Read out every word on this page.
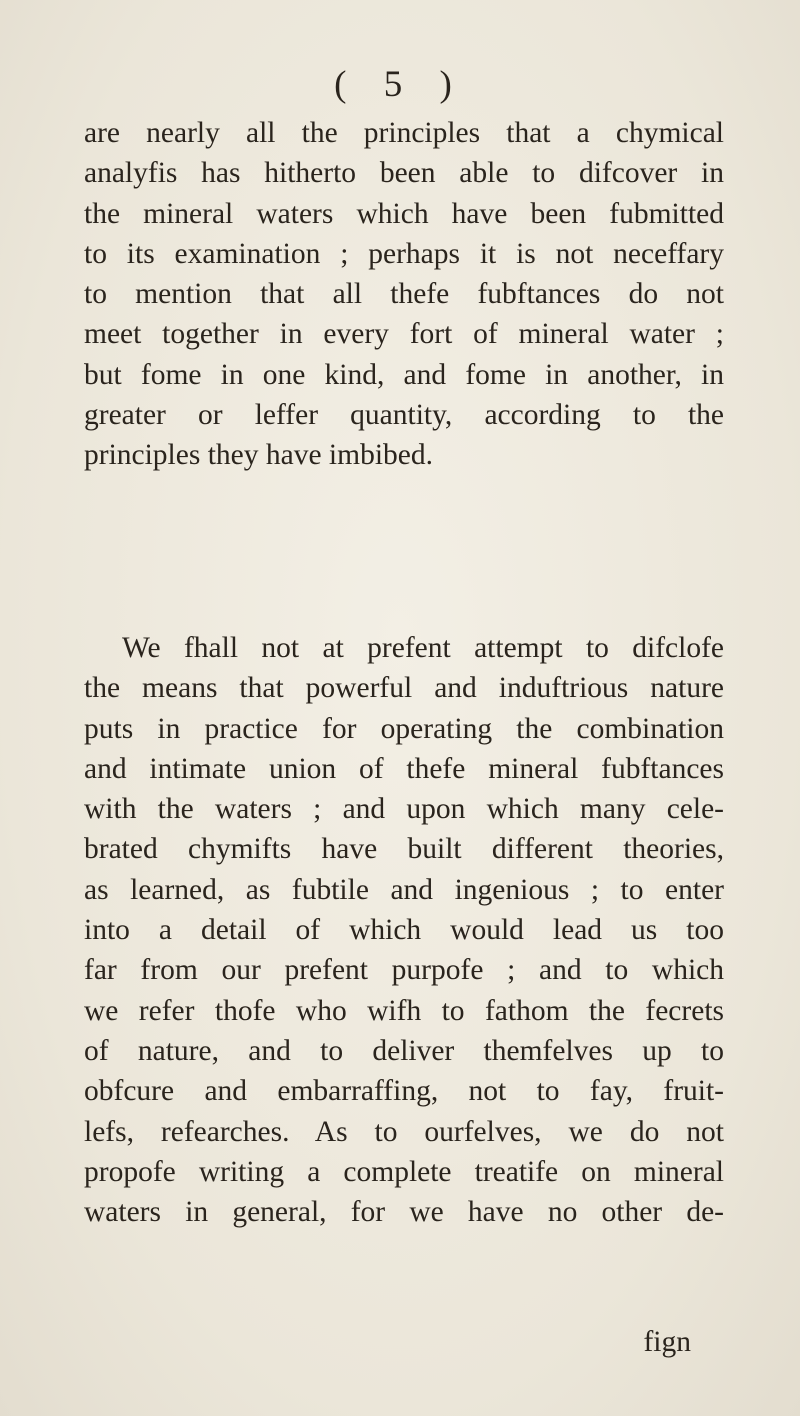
( 5 )
are nearly all the principles that a chymical
analyfis has hitherto been able to difcover in
the mineral waters which have been fubmitted
to its examination ; perhaps it is not neceffary
to mention that all thefe fubftances do not
meet together in every fort of mineral water ;
but fome in one kind, and fome in another, in
greater or leffer quantity, according to the
principles they have imbibed.
We fhall not at prefent attempt to difclofe
the means that powerful and induftrious nature
puts in practice for operating the combination
and intimate union of thefe mineral fubftances
with the waters ; and upon which many cele-
brated chymifts have built different theories,
as learned, as fubtile and ingenious ; to enter
into a detail of which would lead us too
far from our prefent purpofe ; and to which
we refer thofe who wifh to fathom the fecrets
of nature, and to deliver themfelves up to
obfcure and embarraffing, not to fay, fruit-
lefs, refearches. As to ourfelves, we do not
propofe writing a complete treatife on mineral
waters in general, for we have no other de-
fign
